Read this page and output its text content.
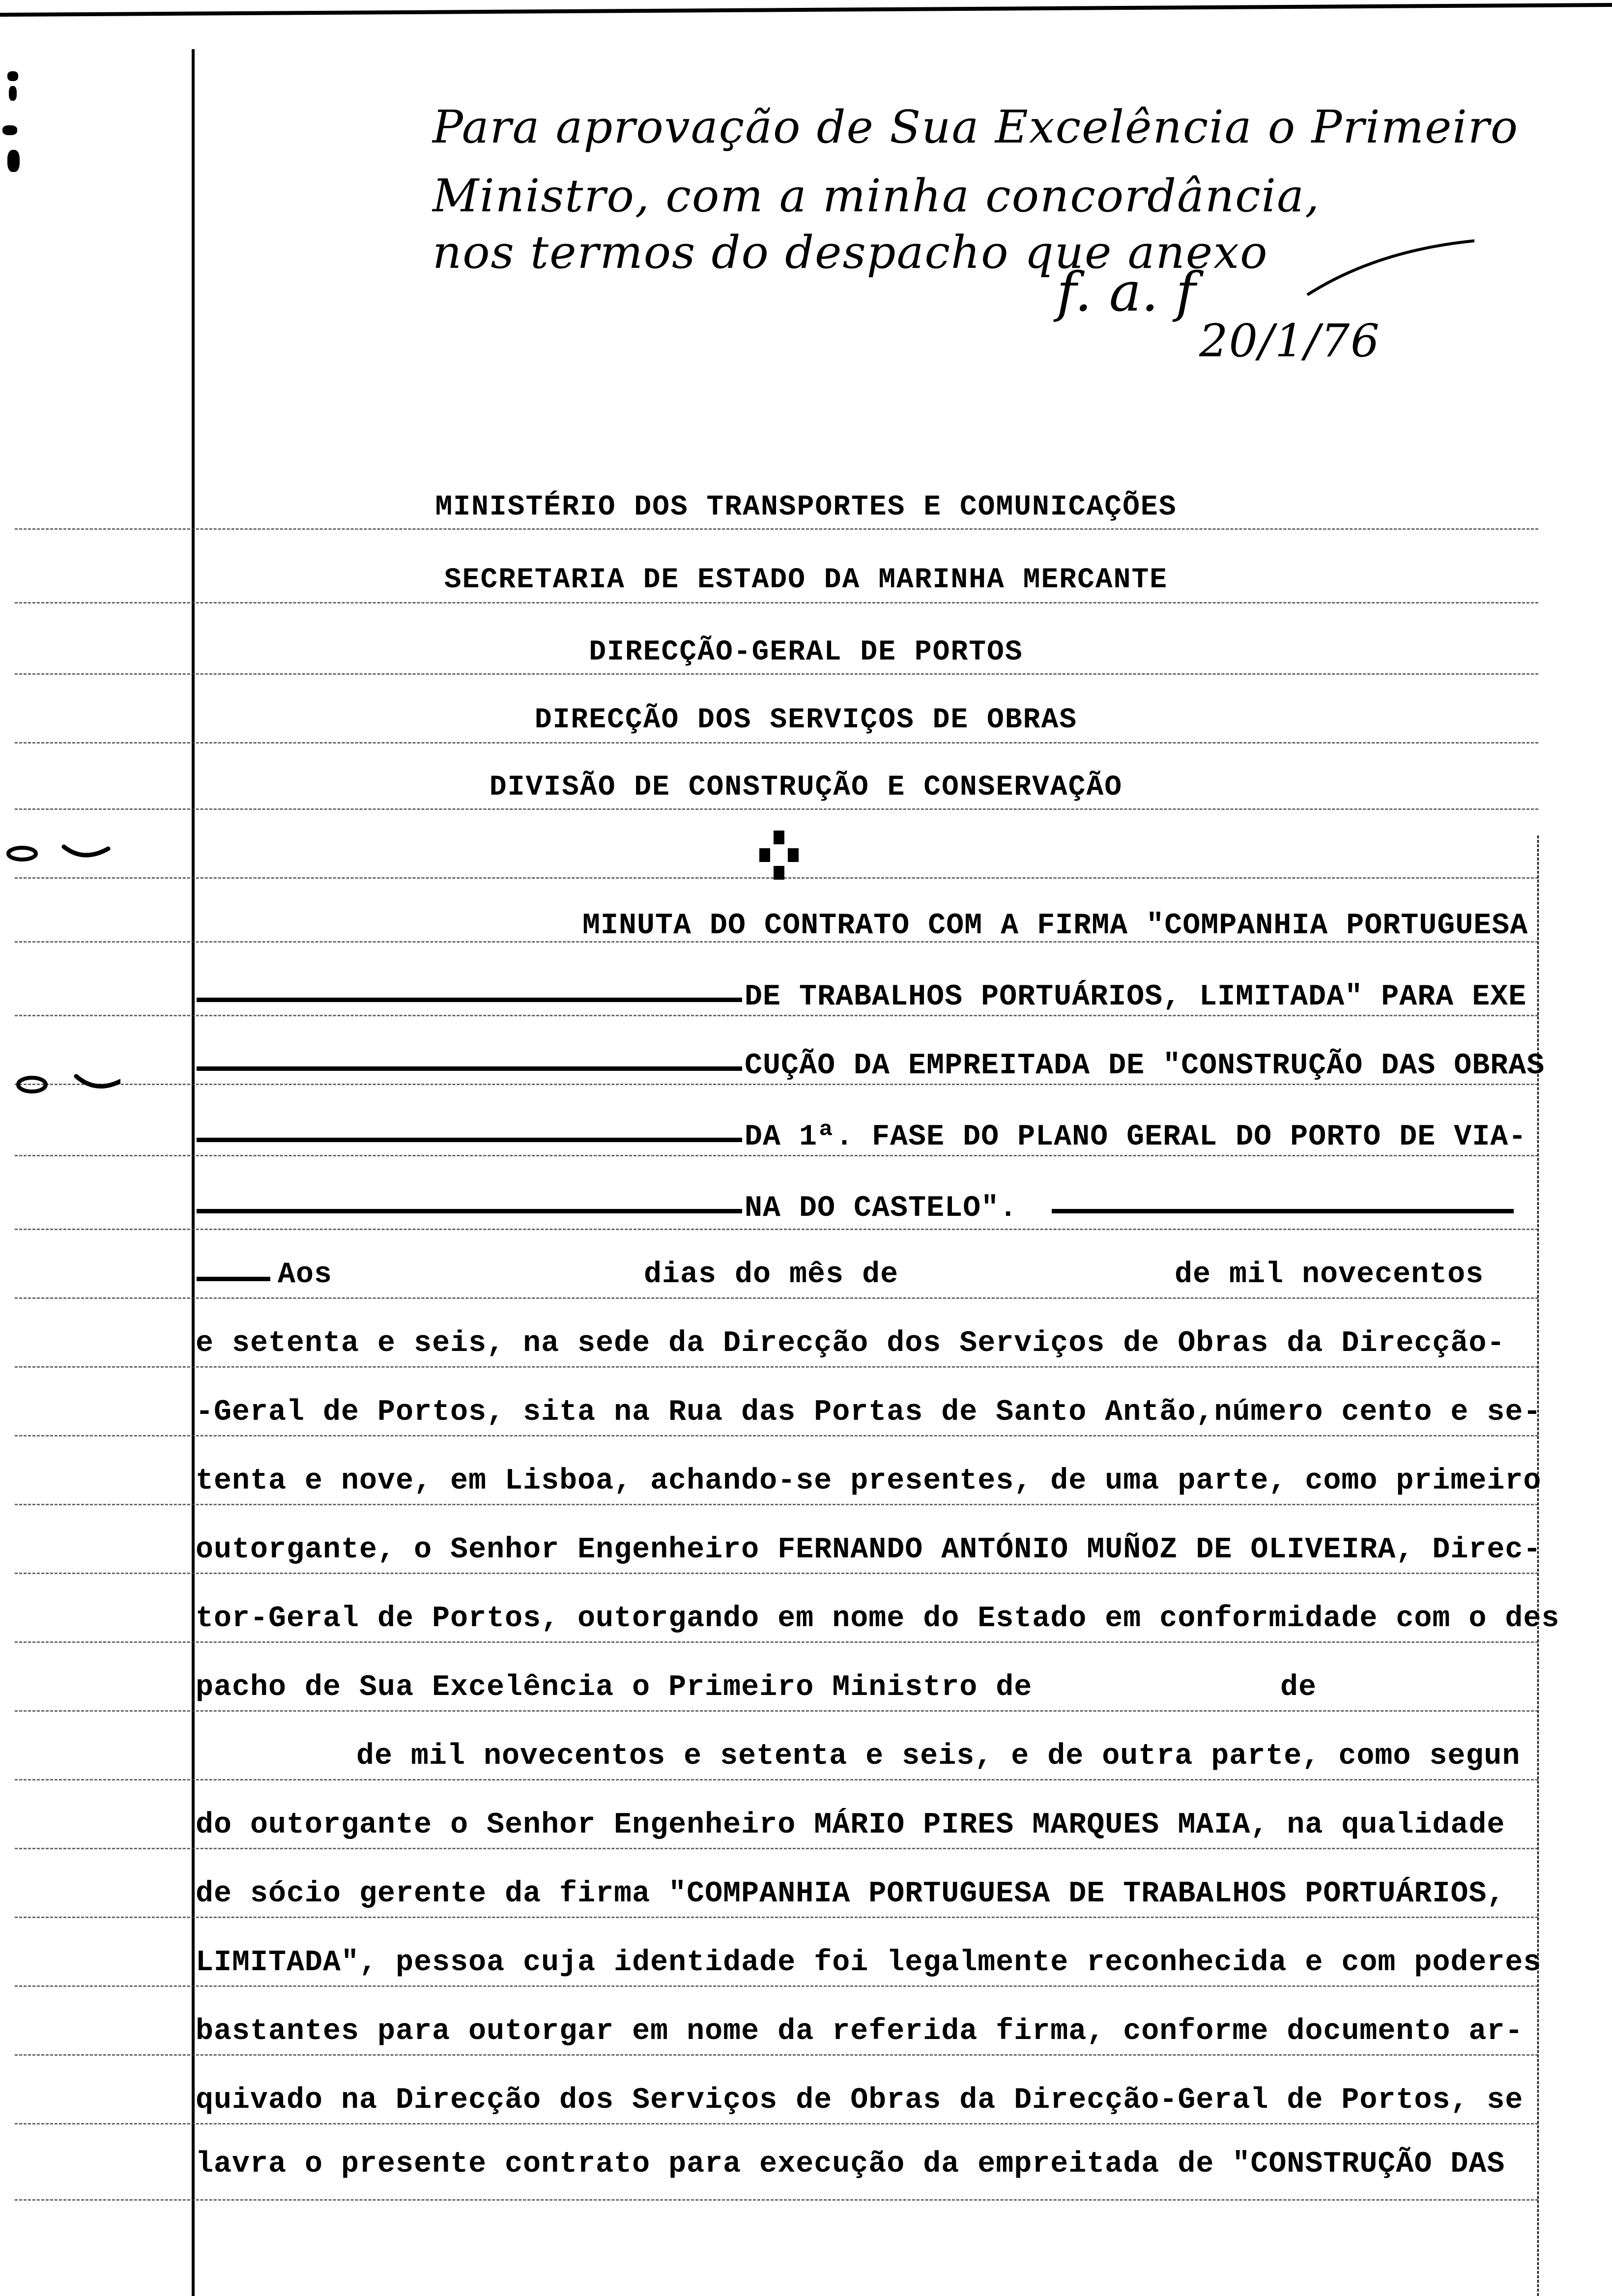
Para aprovação de Sua Excelência o Primeiro
Ministro, com a minha concordância,
nos termos do despacho que anexo
f. a. f
20/1/76
MINISTÉRIO DOS TRANSPORTES E COMUNICAÇÕES
SECRETARIA DE ESTADO DA MARINHA MERCANTE
DIRECÇÃO-GERAL DE PORTOS
DIRECÇÃO DOS SERVIÇOS DE OBRAS
DIVISÃO DE CONSTRUÇÃO E CONSERVAÇÃO
MINUTA DO CONTRATO COM A FIRMA "COMPANHIA PORTUGUESA
DE TRABALHOS PORTUÁRIOS, LIMITADA" PARA EXE
CUÇÃO DA EMPREITADA DE "CONSTRUÇÃO DAS OBRAS
DA 1ª. FASE DO PLANO GERAL DO PORTO DE VIA-
NA DO CASTELO".
Aos	dias do mês de	de mil novecentos
e setenta e seis, na sede da Direcção dos Serviços de Obras da Direcção-
-Geral de Portos, sita na Rua das Portas de Santo Antão,número cento e se-
tenta e nove, em Lisboa, achando-se presentes, de uma parte, como primeiro
outorgante, o Senhor Engenheiro FERNANDO ANTÓNIO MUÑOZ DE OLIVEIRA, Direc-
tor-Geral de Portos, outorgando em nome do Estado em conformidade com o des
pacho de Sua Excelência o Primeiro Ministro de	de
de mil novecentos e setenta e seis, e de outra parte, como segun
do outorgante o Senhor Engenheiro MÁRIO PIRES MARQUES MAIA, na qualidade
de sócio gerente da firma "COMPANHIA PORTUGUESA DE TRABALHOS PORTUÁRIOS,
LIMITADA", pessoa cuja identidade foi legalmente reconhecida e com poderes
bastantes para outorgar em nome da referida firma, conforme documento ar-
quivado na Direcção dos Serviços de Obras da Direcção-Geral de Portos, se
lavra o presente contrato para execução da empreitada de "CONSTRUÇÃO DAS
